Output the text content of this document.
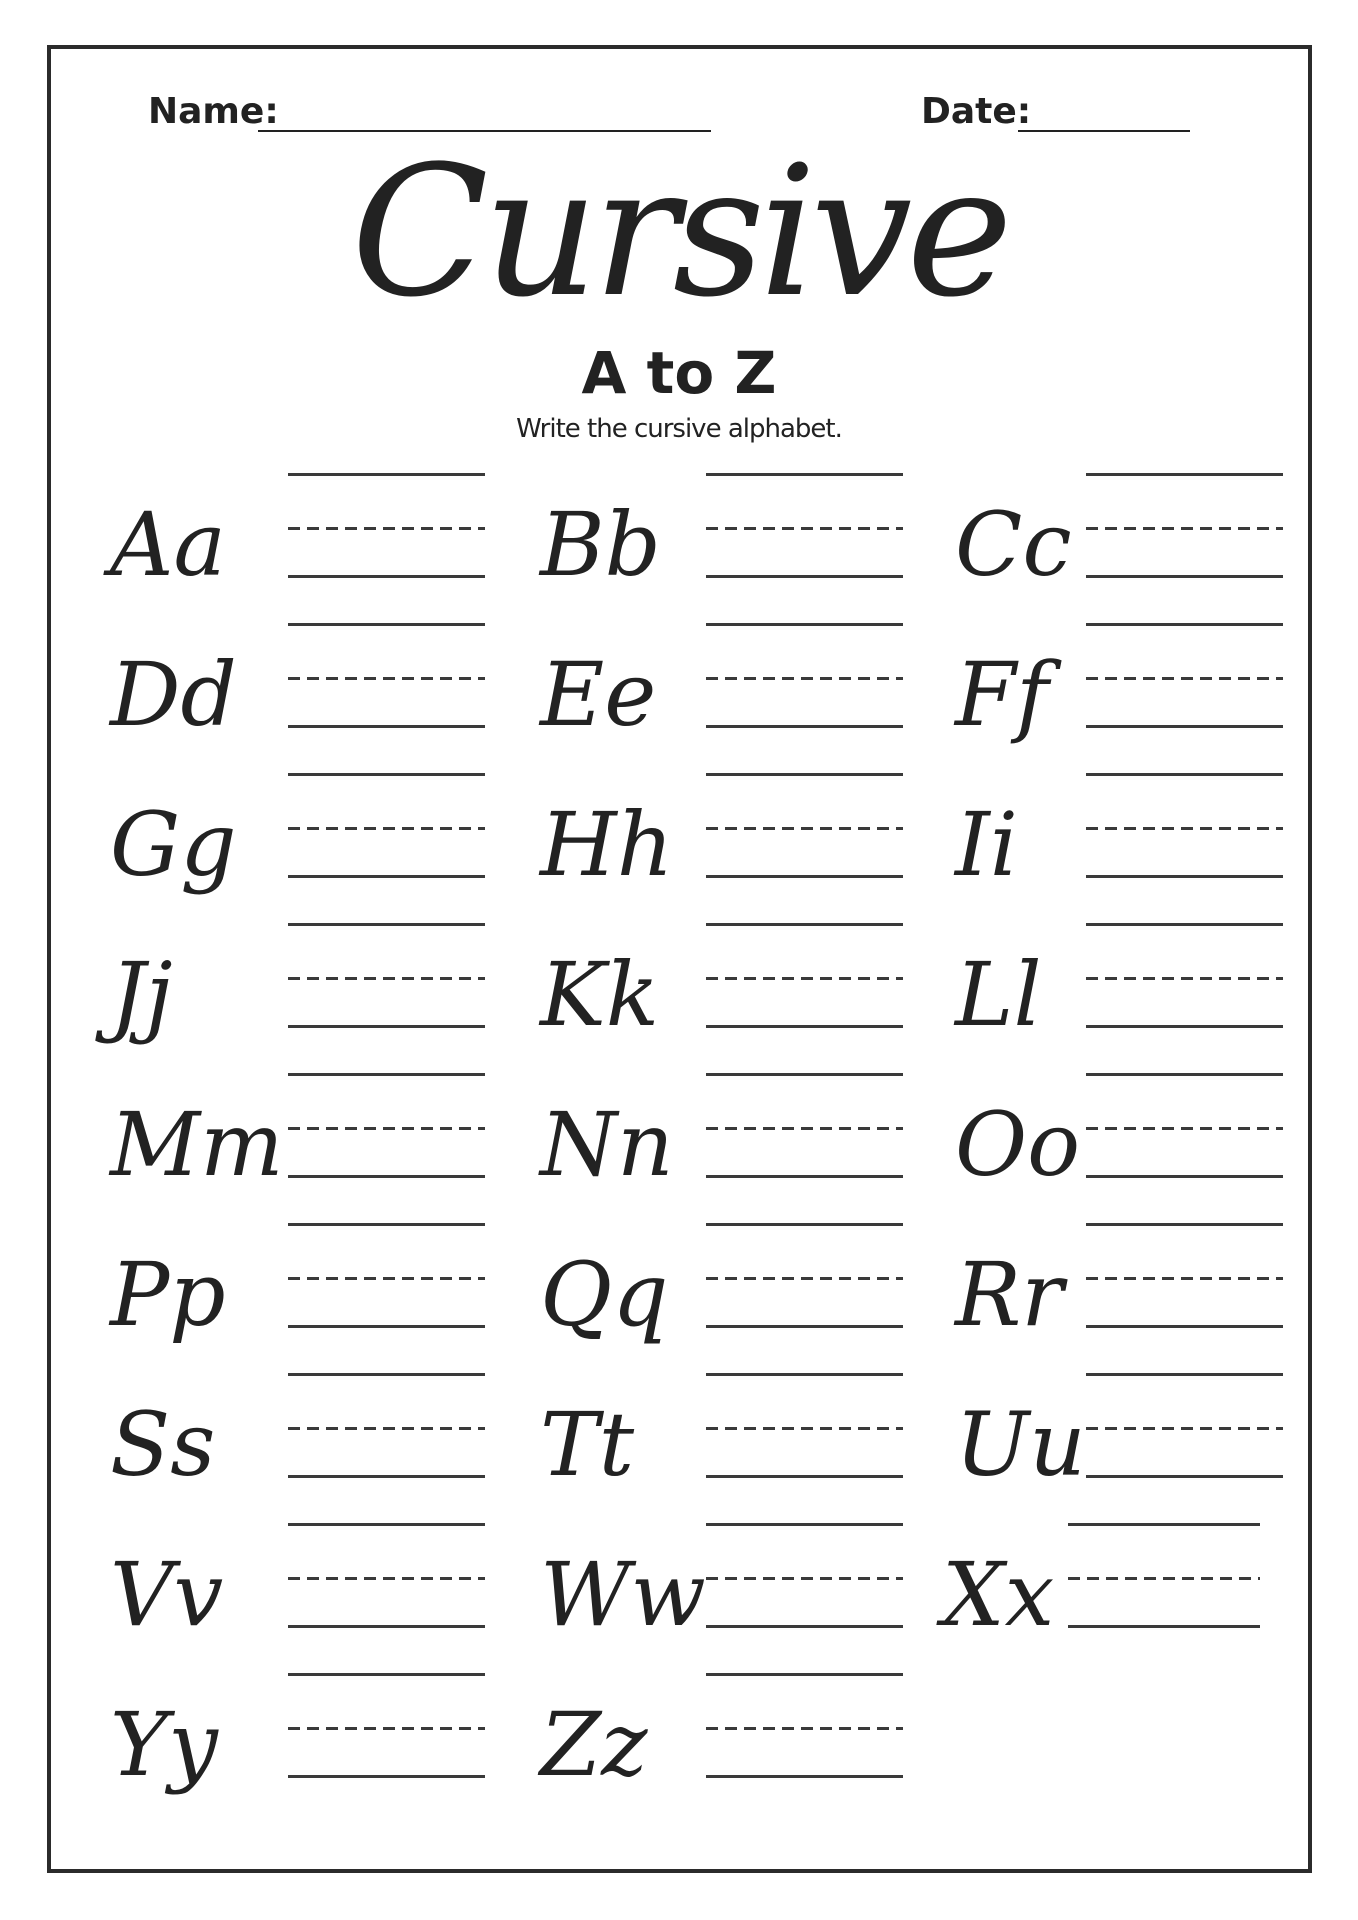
Name:	Date:
Cursive
A to Z
Write the cursive alphabet.
Aa	Bb	Cc
Dd	Ee	Ff
Gg	Hh	Ii
Jj	Kk	Ll
Mm	Nn	Oo
Pp	Qq	Rr
Ss	Tt	Uu
Vv	Ww	Xx
Yy	Zz
